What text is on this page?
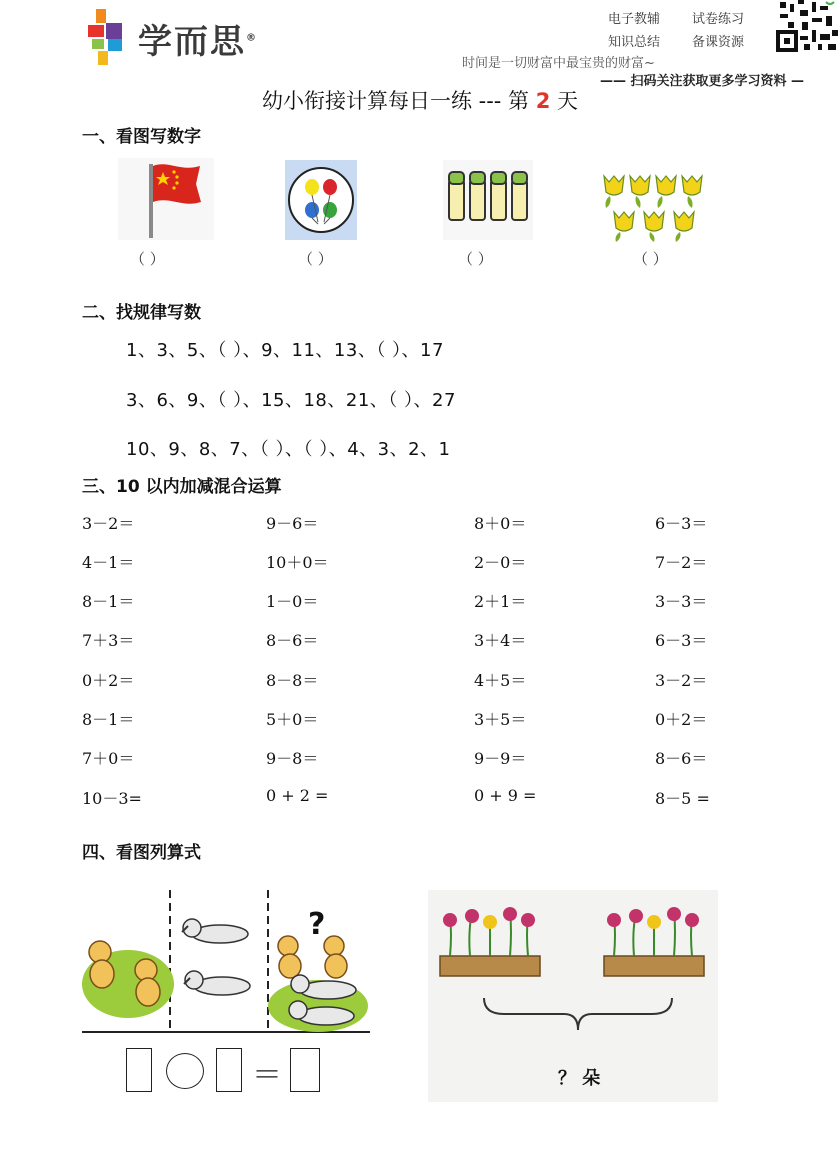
学而思®
电子教辅 试卷练习
知识总结 备课资源
时间是一切财富中最宝贵的财富~
—— 扫码关注获取更多学习资料 —
幼小衔接计算每日一练 --- 第 2 天
一、看图写数字
（ ）	（ ）	（ ）	（ ）
二、找规律写数
1、3、5、（ ）、9、11、13、（ ）、17
3、6、9、（ ）、15、18、21、（ ）、27
10、9、8、7、（ ）、（ ）、4、3、2、1
三、10 以内加减混合运算
3－2＝	9－6＝	8＋0＝	6－3＝
4－1＝	10＋0＝	2－0＝	7－2＝
8－1＝	1－0＝	2＋1＝	3－3＝
7＋3＝	8－6＝	3＋4＝	6－3＝
0＋2＝	8－8＝	4＋5＝	3－2＝
8－1＝	5＋0＝	3＋5＝	0＋2＝
7＋0＝	9－8＝	9－9＝	8－6＝
10－3=	0 + 2 =	0 + 9 =	8－5 =
四、看图列算式
?
＝	？ 朵
